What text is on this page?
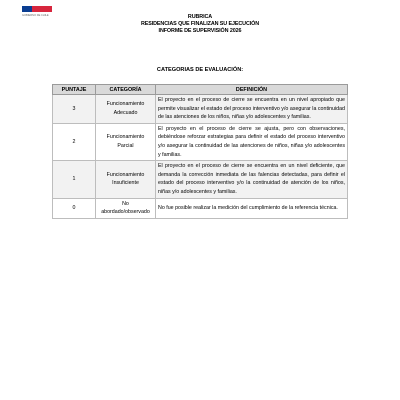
GOBIERNO DE CHILE	RUBRICA
RESIDENCIAS QUE FINALIZAN SU EJECUCIÓN
INFORME DE SUPERVISIÓN 2026
CATEGORIAS DE EVALUACIÓN:
PUNTAJE	CATEGORÍA	DEFINICIÓN
3	Funcionamiento Adecuado	El proyecto en el proceso de cierre se encuentra en un nivel apropiado que permite visualizar el estado del proceso interventivo y/o asegurar la continuidad de las atenciones de los niños, niñas y/o adolescentes y familias.
2	Funcionamiento Parcial	El proyecto en el proceso de cierre se ajusta, pero con observaciones, debiéndose reforzar estrategias para definir el estado del proceso interventivo y/o asegurar la continuidad de las atenciones de niños, niñas y/o adolescentes y familias.
1	Funcionamiento Insuficiente	El proyecto en el proceso de cierre se encuentra en un nivel deficiente, que demanda la corrección inmediata de las falencias detectadas, para definir el estado del proceso interventivo y/o la continuidad de atención de los niños, niñas y/o adolescentes y familias.
0	No abordado/observado	No fue posible realizar la medición del cumplimiento de la referencia técnica.
